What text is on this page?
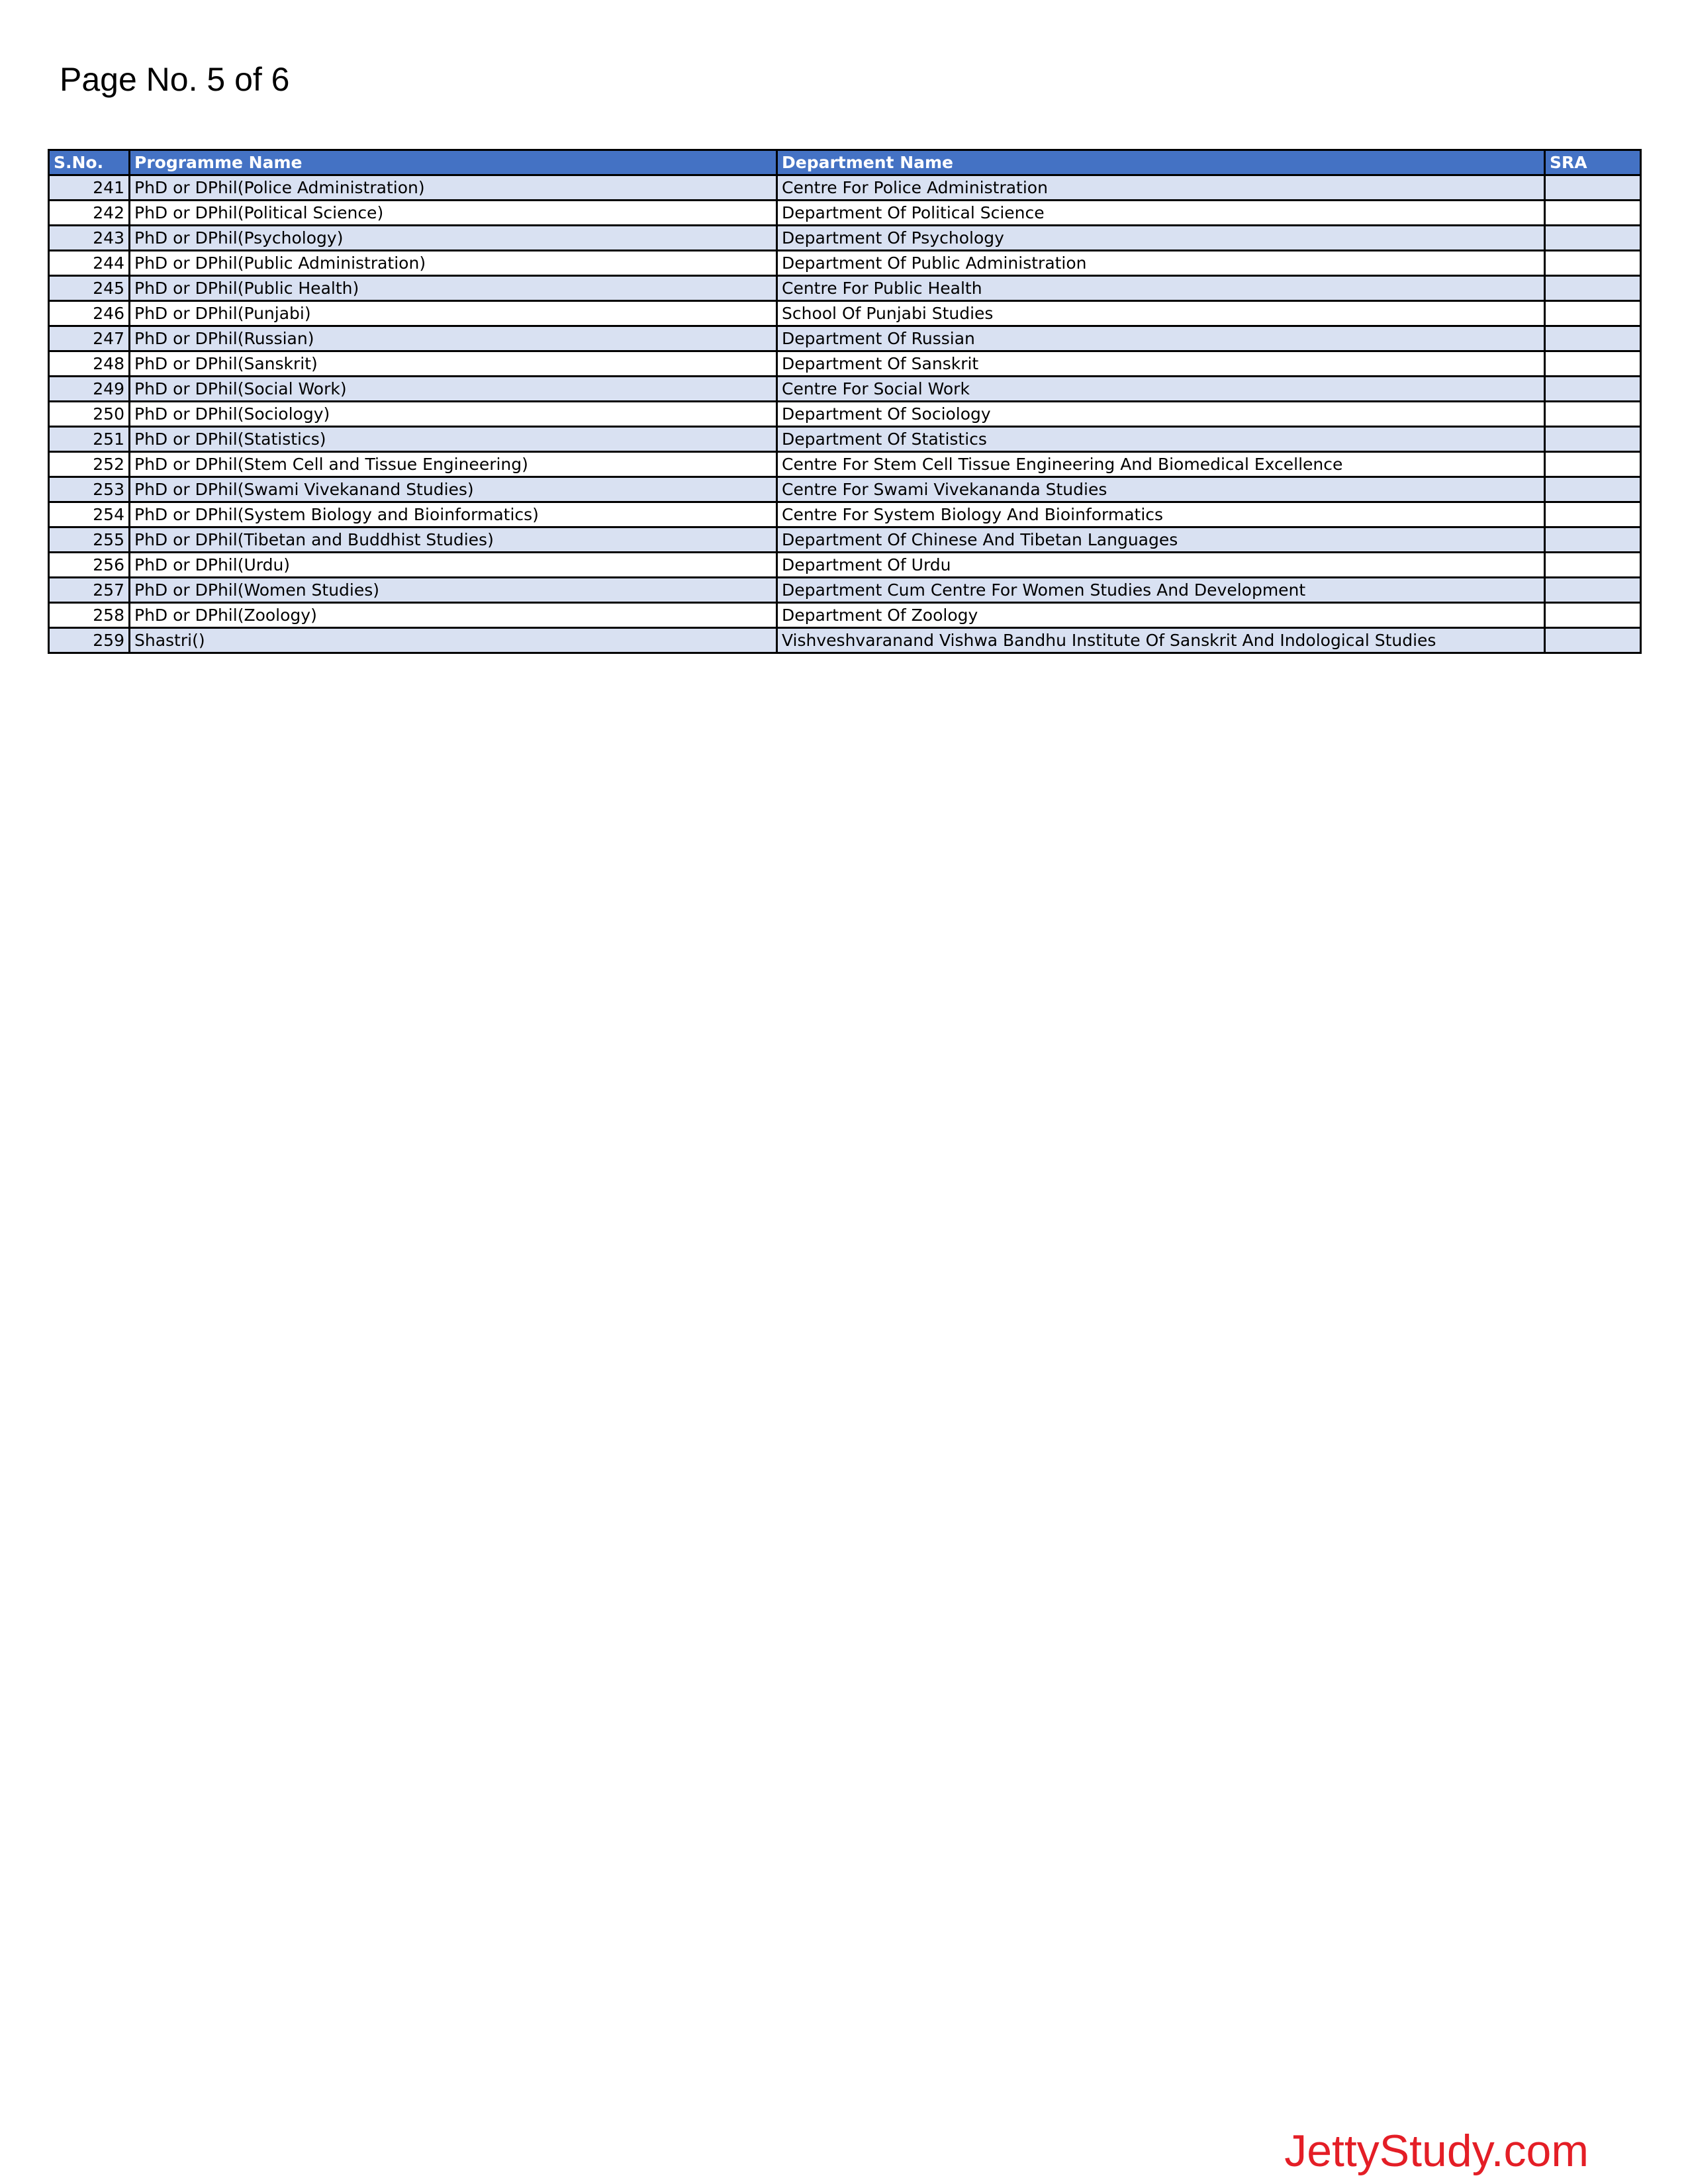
Page No. 5 of 6
S.No.	Programme Name	Department Name	SRA
241	PhD or DPhil(Police Administration)	Centre For Police Administration	
242	PhD or DPhil(Political Science)	Department Of Political Science	
243	PhD or DPhil(Psychology)	Department Of Psychology	
244	PhD or DPhil(Public Administration)	Department Of Public Administration	
245	PhD or DPhil(Public Health)	Centre For Public Health	
246	PhD or DPhil(Punjabi)	School Of Punjabi Studies	
247	PhD or DPhil(Russian)	Department Of Russian	
248	PhD or DPhil(Sanskrit)	Department Of Sanskrit	
249	PhD or DPhil(Social Work)	Centre For Social Work	
250	PhD or DPhil(Sociology)	Department Of Sociology	
251	PhD or DPhil(Statistics)	Department Of Statistics	
252	PhD or DPhil(Stem Cell and Tissue Engineering)	Centre For Stem Cell Tissue Engineering And Biomedical Excellence	
253	PhD or DPhil(Swami Vivekanand Studies)	Centre For Swami Vivekananda Studies	
254	PhD or DPhil(System Biology and Bioinformatics)	Centre For System Biology And Bioinformatics	
255	PhD or DPhil(Tibetan and Buddhist Studies)	Department Of Chinese And Tibetan Languages	
256	PhD or DPhil(Urdu)	Department Of Urdu	
257	PhD or DPhil(Women Studies)	Department Cum Centre For Women Studies And Development	
258	PhD or DPhil(Zoology)	Department Of Zoology	
259	Shastri()	Vishveshvaranand Vishwa Bandhu Institute Of Sanskrit And Indological Studies	
JettyStudy.com
